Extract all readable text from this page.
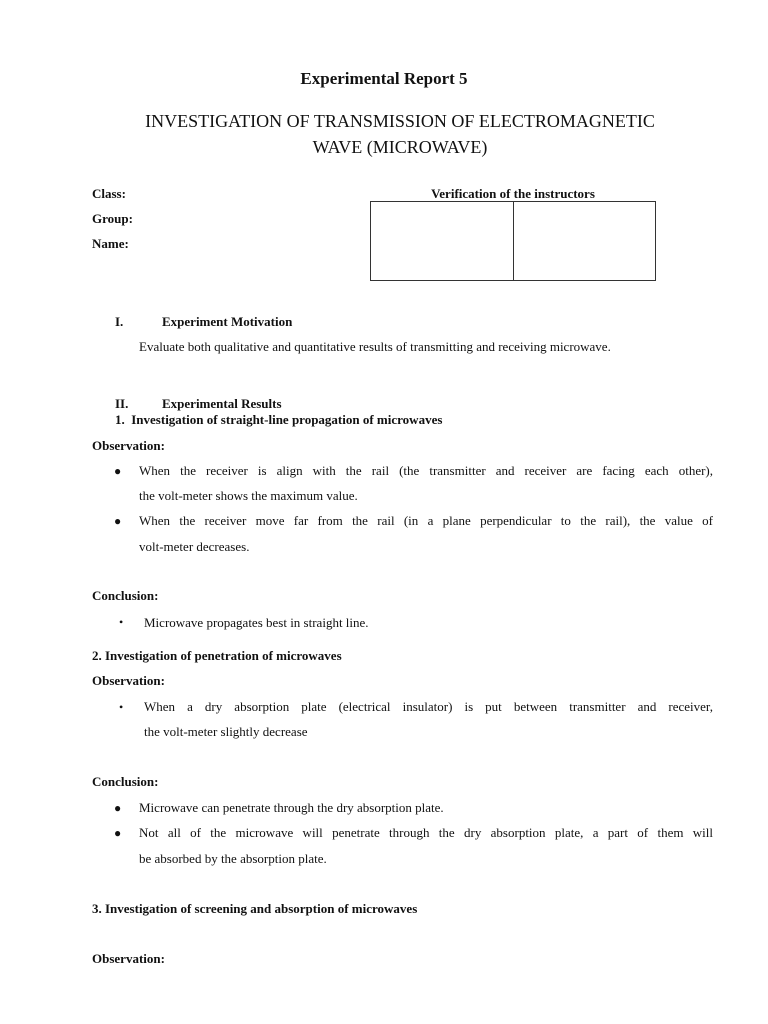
Experimental Report 5
INVESTIGATION OF TRANSMISSION OF ELECTROMAGNETIC
WAVE (MICROWAVE)
Class:
Group:
Name:
Verification of the instructors
I.	Experiment Motivation
Evaluate both qualitative and quantitative results of transmitting and receiving microwave.
II.	Experimental Results
1.  Investigation of straight-line propagation of microwaves
Observation:
● When the receiver is align with the rail (the transmitter and receiver are facing each other),
the volt-meter shows the maximum value.
● When the receiver move far from the rail (in a plane perpendicular to the rail), the value of
volt-meter decreases.
Conclusion:
• Microwave propagates best in straight line.
2. Investigation of penetration of microwaves
Observation:
• When a dry absorption plate (electrical insulator) is put between transmitter and receiver,
the volt-meter slightly decrease
Conclusion:
● Microwave can penetrate through the dry absorption plate.
● Not all of the microwave will penetrate through the dry absorption plate, a part of them will
be absorbed by the absorption plate.
3. Investigation of screening and absorption of microwaves
Observation:
